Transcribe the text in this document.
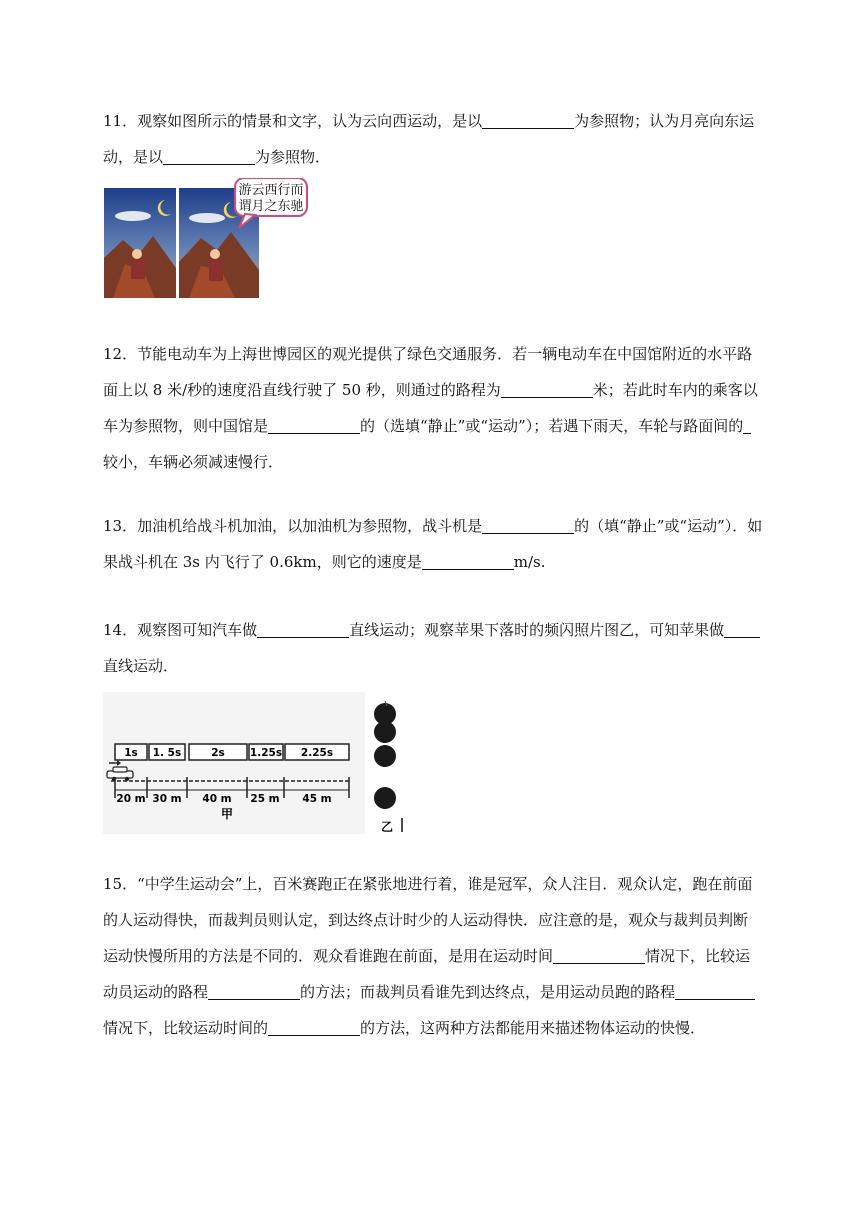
11．观察如图所示的情景和文字，认为云向西运动，是以	为参照物；认为月亮向东运
动，是以	为参照物．
游云西行而
谓月之东驰
12．节能电动车为上海世博园区的观光提供了绿色交通服务．若一辆电动车在中国馆附近的水平路
面上以 8 米/秒的速度沿直线行驶了 50 秒，则通过的路程为	米；若此时车内的乘客以
车为参照物，则中国馆是	的（选填“静止”或“运动”）；若遇下雨天，车轮与路面间的
较小，车辆必须减速慢行．
13．加油机给战斗机加油，以加油机为参照物，战斗机是	的（填“静止”或“运动”）．如
果战斗机在 3s 内飞行了 0.6km，则它的速度是	m/s.
14．观察图可知汽车做	直线运动；观察苹果下落时的频闪照片图乙，可知苹果做
直线运动．
1s 1. 5s	2s 1.25s 2.25s
20 m 30 m 40 m 25 m 45 m
甲
乙
15．“中学生运动会”上，百米赛跑正在紧张地进行着，谁是冠军，众人注目．观众认定，跑在前面
的人运动得快，而裁判员则认定，到达终点计时少的人运动得快．应注意的是，观众与裁判员判断
运动快慢所用的方法是不同的．观众看谁跑在前面，是用在运动时间	情况下，比较运
动员运动的路程	的方法；而裁判员看谁先到达终点，是用运动员跑的路程
情况下，比较运动时间的	的方法，这两种方法都能用来描述物体运动的快慢．
